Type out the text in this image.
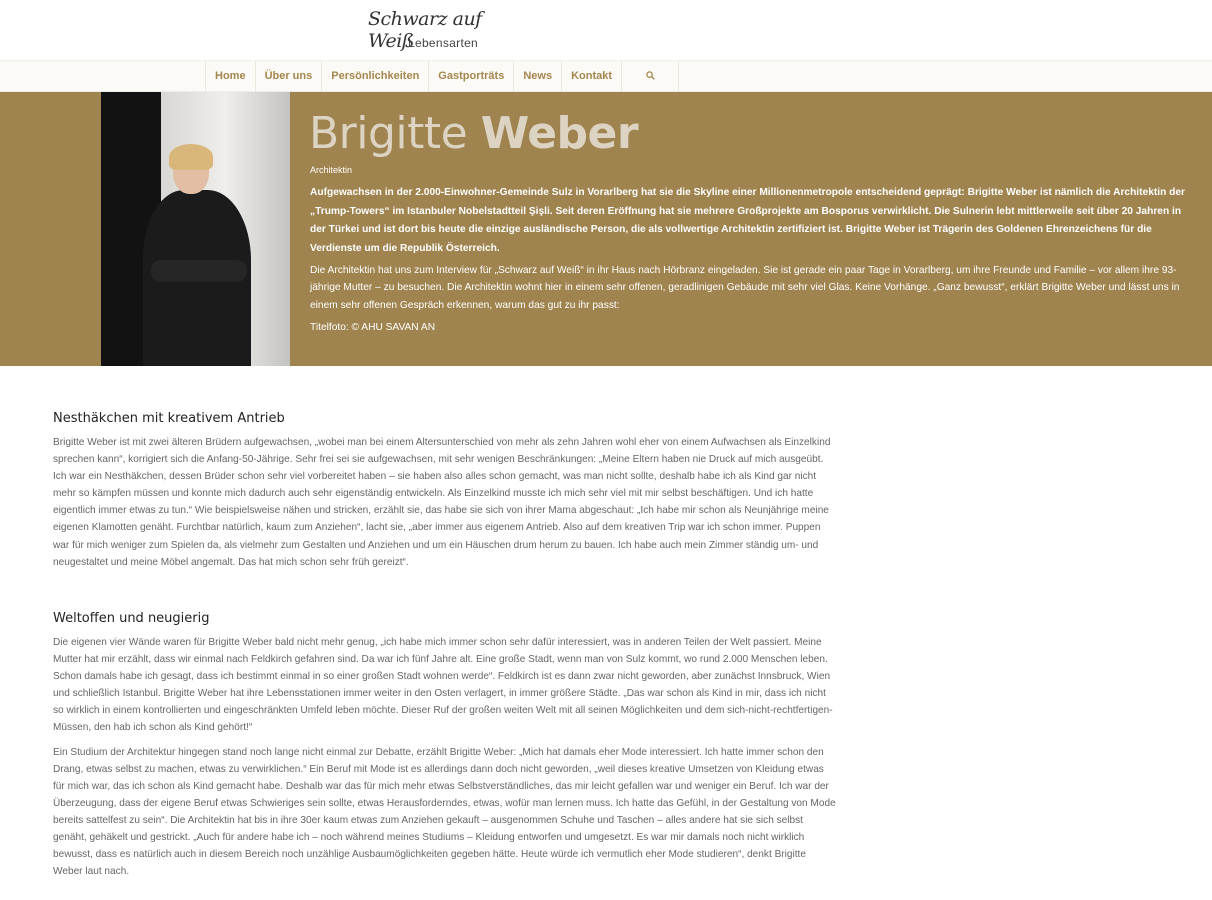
Schwarz auf Weiß
Lebensarten
Home	Über uns	Persönlichkeiten	Gastporträts	News	Kontakt
Brigitte Weber
Architektin

Aufgewachsen in der 2.000-Einwohner-Gemeinde Sulz in Vorarlberg hat sie die Skyline einer Millionenmetropole entscheidend geprägt: Brigitte Weber ist nämlich die Architektin der „Trump-Towers“ im Istanbuler Nobelstadtteil Şişli. Seit deren Eröffnung hat sie mehrere Großprojekte am Bosporus verwirklicht. Die Sulnerin lebt mittlerweile seit über 20 Jahren in der Türkei und ist dort bis heute die einzige ausländische Person, die als vollwertige Architektin zertifiziert ist. Brigitte Weber ist Trägerin des Goldenen Ehrenzeichens für die Verdienste um die Republik Österreich.

Die Architektin hat uns zum Interview für „Schwarz auf Weiß“ in ihr Haus nach Hörbranz eingeladen. Sie ist gerade ein paar Tage in Vorarlberg, um ihre Freunde und Familie – vor allem ihre 93-jährige Mutter – zu besuchen. Die Architektin wohnt hier in einem sehr offenen, geradlinigen Gebäude mit sehr viel Glas. Keine Vorhänge. „Ganz bewusst“, erklärt Brigitte Weber und lässt uns in einem sehr offenen Gespräch erkennen, warum das gut zu ihr passt:

Titelfoto: © AHU SAVAN AN

Nesthäkchen mit kreativem Antrieb

Brigitte Weber ist mit zwei älteren Brüdern aufgewachsen, „wobei man bei einem Altersunterschied von mehr als zehn Jahren wohl eher von einem Aufwachsen als Einzelkind sprechen kann“, korrigiert sich die Anfang-50-Jährige. Sehr frei sei sie aufgewachsen, mit sehr wenigen Beschränkungen: „Meine Eltern haben nie Druck auf mich ausgeübt. Ich war ein Nesthäkchen, dessen Brüder schon sehr viel vorbereitet haben – sie haben also alles schon gemacht, was man nicht sollte, deshalb habe ich als Kind gar nicht mehr so kämpfen müssen und konnte mich dadurch auch sehr eigenständig entwickeln. Als Einzelkind musste ich mich sehr viel mit mir selbst beschäftigen. Und ich hatte eigentlich immer etwas zu tun.“ Wie beispielsweise nähen und stricken, erzählt sie, das habe sie sich von ihrer Mama abgeschaut: „Ich habe mir schon als Neunjährige meine eigenen Klamotten genäht. Furchtbar natürlich, kaum zum Anziehen“, lacht sie, „aber immer aus eigenem Antrieb. Also auf dem kreativen Trip war ich schon immer. Puppen war für mich weniger zum Spielen da, als vielmehr zum Gestalten und Anziehen und um ein Häuschen drum herum zu bauen. Ich habe auch mein Zimmer ständig um- und neugestaltet und meine Möbel angemalt. Das hat mich schon sehr früh gereizt“.

Weltoffen und neugierig

Die eigenen vier Wände waren für Brigitte Weber bald nicht mehr genug, „ich habe mich immer schon sehr dafür interessiert, was in anderen Teilen der Welt passiert. Meine Mutter hat mir erzählt, dass wir einmal nach Feldkirch gefahren sind. Da war ich fünf Jahre alt. Eine große Stadt, wenn man von Sulz kommt, wo rund 2.000 Menschen leben. Schon damals habe ich gesagt, dass ich bestimmt einmal in so einer großen Stadt wohnen werde“. Feldkirch ist es dann zwar nicht geworden, aber zunächst Innsbruck, Wien und schließlich Istanbul. Brigitte Weber hat ihre Lebensstationen immer weiter in den Osten verlagert, in immer größere Städte. „Das war schon als Kind in mir, dass ich nicht so wirklich in einem kontrollierten und eingeschränkten Umfeld leben möchte. Dieser Ruf der großen weiten Welt mit all seinen Möglichkeiten und dem sich-nicht-rechtfertigen-Müssen, den hab ich schon als Kind gehört!“

Ein Studium der Architektur hingegen stand noch lange nicht einmal zur Debatte, erzählt Brigitte Weber: „Mich hat damals eher Mode interessiert. Ich hatte immer schon den Drang, etwas selbst zu machen, etwas zu verwirklichen.“ Ein Beruf mit Mode ist es allerdings dann doch nicht geworden, „weil dieses kreative Umsetzen von Kleidung etwas für mich war, das ich schon als Kind gemacht habe. Deshalb war das für mich mehr etwas Selbstverständliches, das mir leicht gefallen war und weniger ein Beruf. Ich war der Überzeugung, dass der eigene Beruf etwas Schwieriges sein sollte, etwas Herausforderndes, etwas, wofür man lernen muss. Ich hatte das Gefühl, in der Gestaltung von Mode bereits sattelfest zu sein“. Die Architektin hat bis in ihre 30er kaum etwas zum Anziehen gekauft – ausgenommen Schuhe und Taschen – alles andere hat sie sich selbst genäht, gehäkelt und gestrickt. „Auch für andere habe ich – noch während meines Studiums – Kleidung entworfen und umgesetzt. Es war mir damals noch nicht wirklich bewusst, dass es natürlich auch in diesem Bereich noch unzählige Ausbaumöglichkeiten gegeben hätte. Heute würde ich vermutlich eher Mode studieren“, denkt Brigitte Weber laut nach.
